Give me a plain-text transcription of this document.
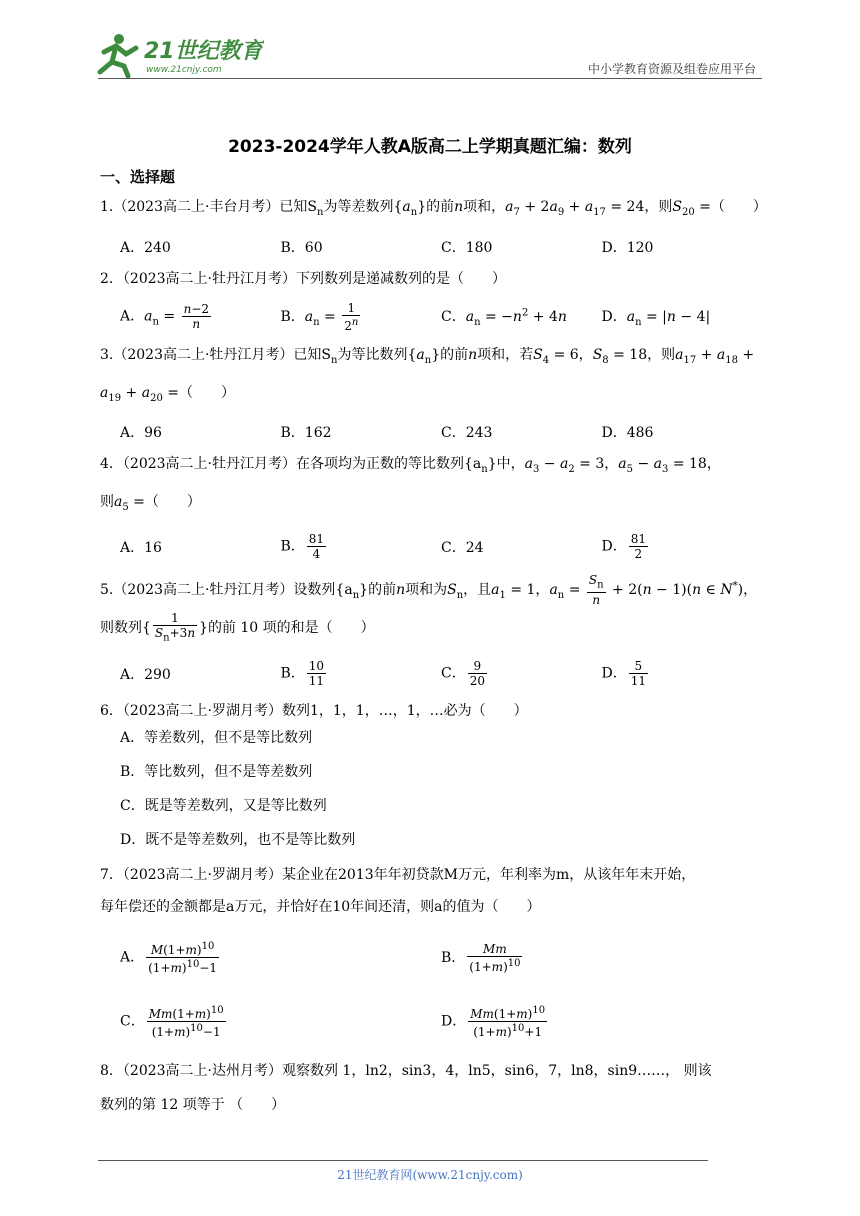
21世纪教育
www.21cnjy.com	中小学教育资源及组卷应用平台
2023-2024学年人教A版高二上学期真题汇编：数列
一、选择题
1.（2023高二上·丰台月考）已知$S_n$为等差数列$\{a_n\}$的前n项和，$a_7 + 2a_9 + a_{17} = 24$，则$S_{20}$ =（　　）
A．240	B．60	C．180	D．120
2．（2023高二上·牡丹江月考）下列数列是递减数列的是（　　）
A．$a_n = \frac{n-2}{n}$	B．$a_n = \frac{1}{2^n}$	C．$a_n = -n^2 + 4n$	D．$a_n = |n - 4|$
3.（2023高二上·牡丹江月考）已知$S_n$为等比数列$\{a_n\}$的前n项和，若$S_4 = 6$，$S_8 = 18$，则$a_{17} + a_{18}$ +
$a_{19} + a_{20}$ =（　　）
A．96	B．162	C．243	D．486
4．（2023高二上·牡丹江月考）在各项均为正数的等比数列$\{a_n\}$中，$a_3 - a_2 = 3$，$a_5 - a_3 = 18$，
则$a_5$ =（　　）
A．16	B． $\frac{81}{4}$	C．24	D． $\frac{81}{2}$
5.（2023高二上·牡丹江月考）设数列$\{a_n\}$的前n项和为$S_n$，且$a_1 = 1$，$a_n = \frac{S_n}{n} + 2(n - 1)(n$ ∈ N*)，
则数列{ $\frac{1}{S_n+3n}$ }的前 10 项的和是（　　）
A．290	B． $\frac{10}{11}$	C． $\frac{9}{20}$	D． $\frac{5}{11}$
6．（2023高二上·罗湖月考）数列1，1，1，…，1，…必为（　　）
A．等差数列，但不是等比数列
B．等比数列，但不是等差数列
C．既是等差数列，又是等比数列
D．既不是等差数列，也不是等比数列
7．（2023高二上·罗湖月考）某企业在2013年年初贷款M万元，年利率为m，从该年年末开始，
每年偿还的金额都是a万元，并恰好在10年间还清，则a的值为（　　）
A． $\frac{M(1+m)^{10}}{(1+m)^{10}-1}$	B． $\frac{Mm}{(1+m)^{10}}$
C． $\frac{Mm(1+m)^{10}}{(1+m)^{10}-1}$	D． $\frac{Mm(1+m)^{10}}{(1+m)^{10}+1}$
8．（2023高二上·达州月考）观察数列 1，ln2，sin3，4，ln5，sin6，7，ln8，sin9……， 则该
数列的第 12 项等于 （　　）
21世纪教育网(www.21cnjy.com)
